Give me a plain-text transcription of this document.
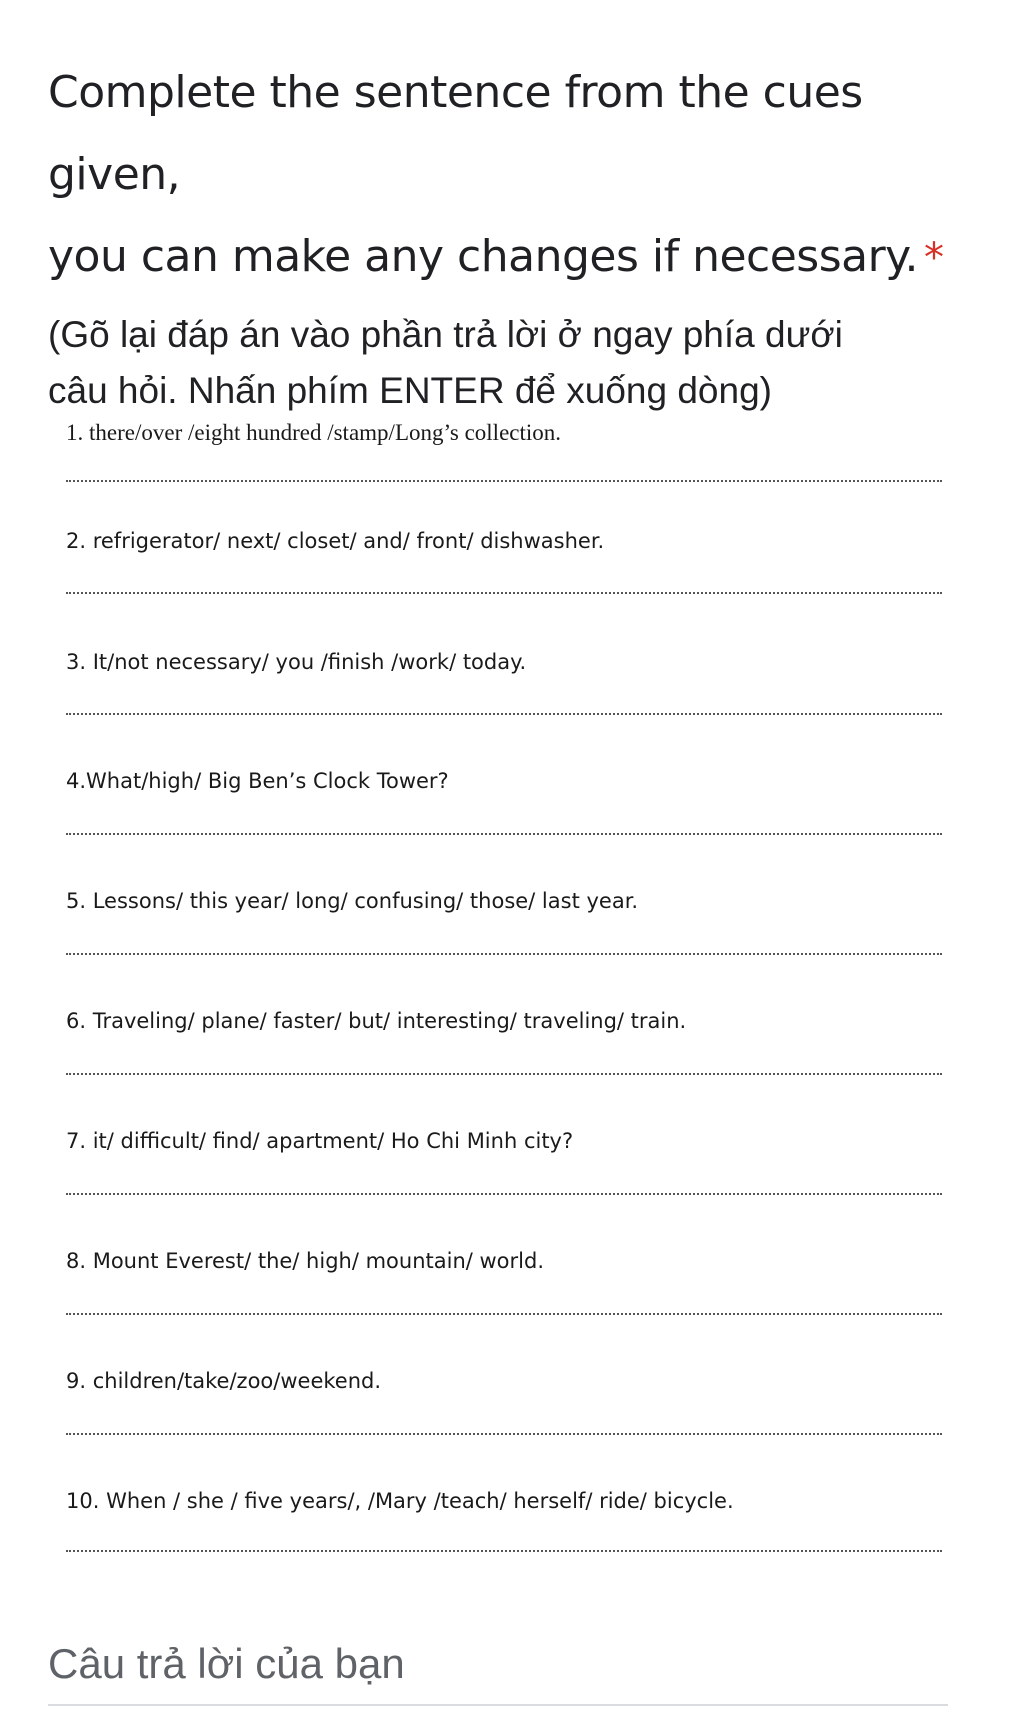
Complete the sentence from the cues given,
you can make any changes if necessary. *

(Gõ lại đáp án vào phần trả lời ở ngay phía dưới
câu hỏi. Nhấn phím ENTER để xuống dòng)

1. there/over /eight hundred /stamp/Long’s collection.
2. refrigerator/ next/ closet/ and/ front/ dishwasher.
3. It/not necessary/ you /finish /work/ today.
4.What/high/ Big Ben’s Clock Tower?
5. Lessons/ this year/ long/ confusing/ those/ last year.
6. Traveling/ plane/ faster/ but/ interesting/ traveling/ train.
7. it/ difficult/ find/ apartment/ Ho Chi Minh city?
8. Mount Everest/ the/ high/ mountain/ world.
9. children/take/zoo/weekend.
10. When / she / five years/, /Mary /teach/ herself/ ride/ bicycle.
Câu trả lời của bạn
